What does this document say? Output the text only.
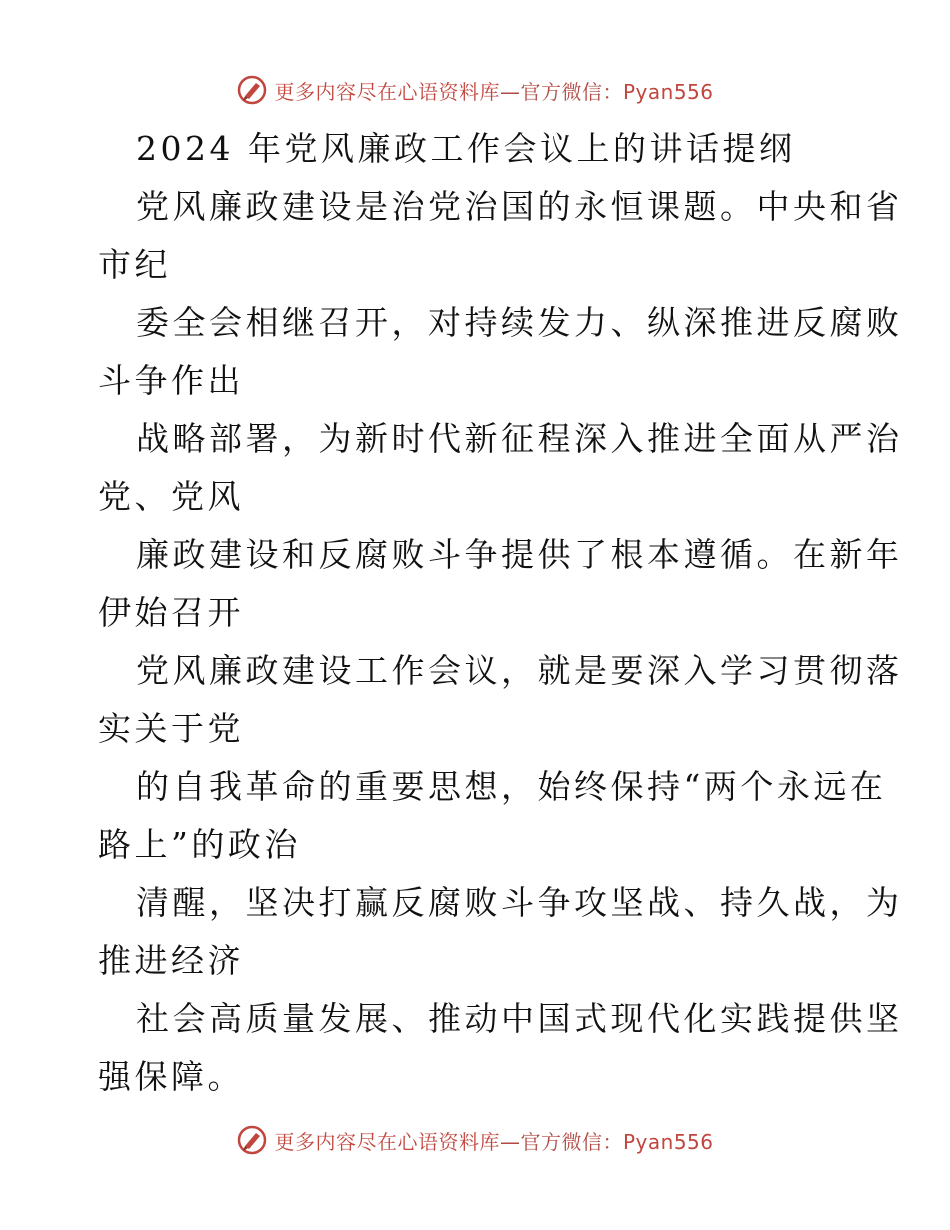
更多内容尽在心语资料库—官方微信：Pyan556
2024 年党风廉政工作会议上的讲话提纲
党风廉政建设是治党治国的永恒课题。中央和省
市纪
委全会相继召开，对持续发力、纵深推进反腐败
斗争作出
战略部署，为新时代新征程深入推进全面从严治
党、党风
廉政建设和反腐败斗争提供了根本遵循。在新年
伊始召开
党风廉政建设工作会议，就是要深入学习贯彻落
实关于党
的自我革命的重要思想，始终保持“两个永远在
路上”的政治
清醒，坚决打赢反腐败斗争攻坚战、持久战，为
推进经济
社会高质量发展、推动中国式现代化实践提供坚
强保障。
更多内容尽在心语资料库—官方微信：Pyan556
